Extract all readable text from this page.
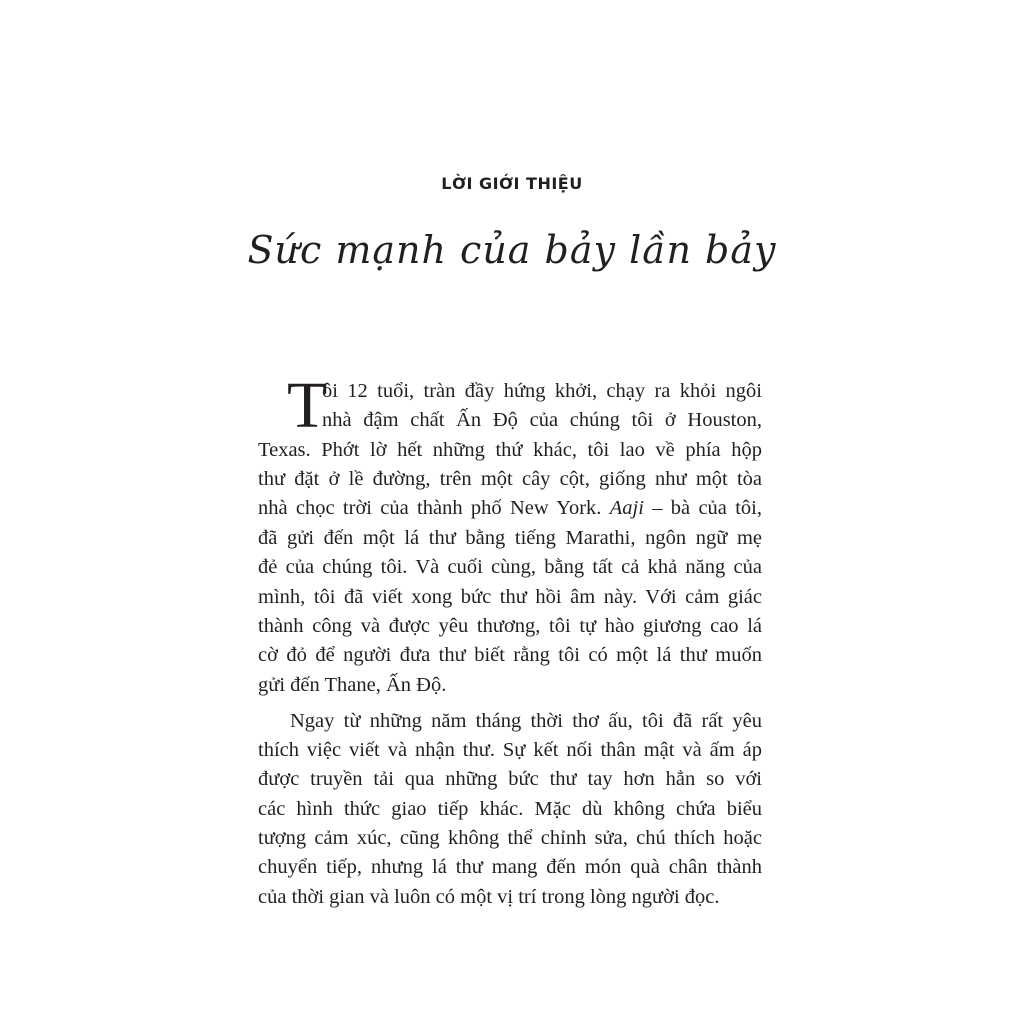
LỜI GIỚI THIỆU
Sức mạnh của bảy lần bảy
T
ôi 12 tuổi, tràn đầy hứng khởi, chạy ra khỏi ngôi
nhà đậm chất Ấn Độ của chúng tôi ở Houston,
Texas. Phớt lờ hết những thứ khác, tôi lao về phía hộp
thư đặt ở lề đường, trên một cây cột, giống như một tòa
nhà chọc trời của thành phố New York. Aaji – bà của tôi,
đã gửi đến một lá thư bằng tiếng Marathi, ngôn ngữ mẹ
đẻ của chúng tôi. Và cuối cùng, bằng tất cả khả năng của
mình, tôi đã viết xong bức thư hồi âm này. Với cảm giác
thành công và được yêu thương, tôi tự hào giương cao lá
cờ đỏ để người đưa thư biết rằng tôi có một lá thư muốn
gửi đến Thane, Ấn Độ.
Ngay từ những năm tháng thời thơ ấu, tôi đã rất yêu
thích việc viết và nhận thư. Sự kết nối thân mật và ấm áp
được truyền tải qua những bức thư tay hơn hẳn so với
các hình thức giao tiếp khác. Mặc dù không chứa biểu
tượng cảm xúc, cũng không thể chỉnh sửa, chú thích hoặc
chuyển tiếp, nhưng lá thư mang đến món quà chân thành
của thời gian và luôn có một vị trí trong lòng người đọc.
